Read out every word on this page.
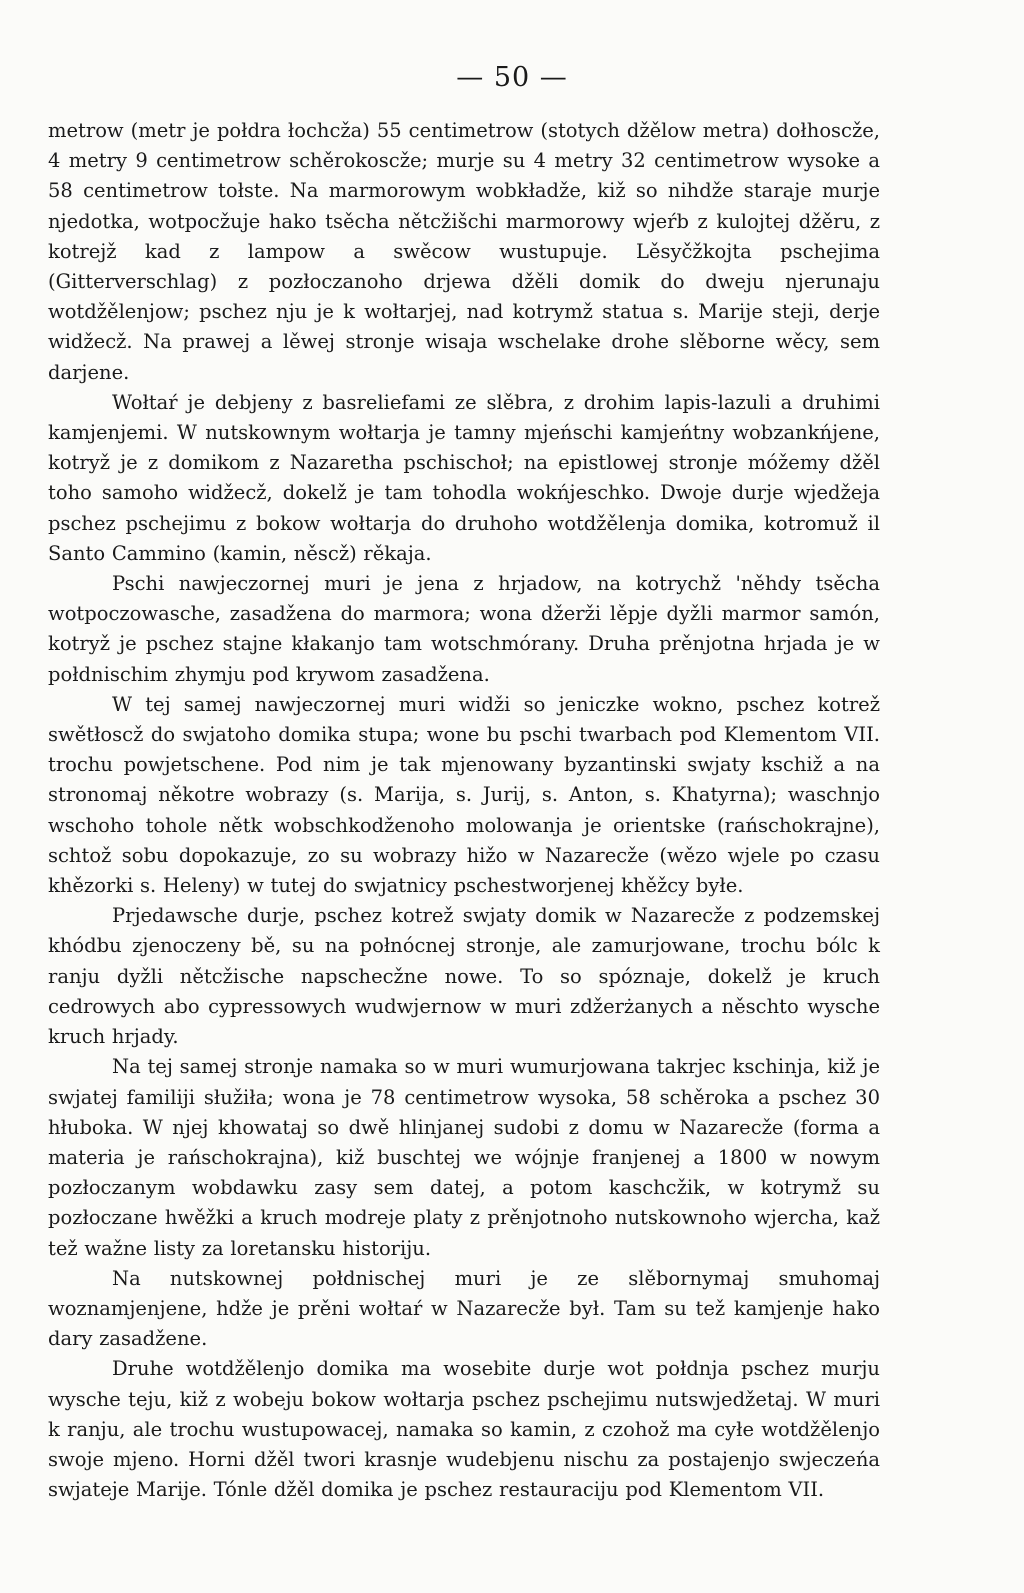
— 50 —

metrow (metr je połdra łochcža) 55 centimetrow (stotych džělow metra) dołhoscže, 4 metry 9 centimetrow schěrokoscže; murje su 4 metry 32 centimetrow wysoke a 58 centimetrow tołste. Na marmorowym wobkładže, kiž so nihdže staraje murje njedotka, wotpocžuje hako tsěcha nětcžišchi marmorowy wjeŕb z kulojtej džěru, z kotrejž kad z lampow a swěcow wustupuje. Lěsyčžkojta pschejima (Gitterverschlag) z pozłoczanoho drjewa džěli domik do dweju njerunaju wotdžělenjow; pschez nju je k wołtarjej, nad kotrymž statua s. Marije steji, derje widžecž. Na prawej a lěwej stronje wisaja wschelake drohe slěborne wěcy, sem darjene.

Wołtaŕ je debjeny z basreliefami ze slěbra, z drohim lapis-lazuli a druhimi kamjenjemi. W nutskownym wołtarja je tamny mjeńschi kamjeńtny wobzankńjene, kotryž je z domikom z Nazaretha pschischoł; na epistlowej stronje móžemy džěl toho samoho widžecž, dokelž je tam tohodla wokńjeschko. Dwoje durje wjedžeja pschez pschejimu z bokow wołtarja do druhoho wotdžělenja domika, kotromuž il Santo Cammino (kamin, něscž) rěkaja.

Pschi nawjeczornej muri je jena z hrjadow, na kotrychž 'něhdy tsěcha wotpoczowasche, zasadžena do marmora; wona džerži lěpje dyžli marmor samón, kotryž je pschez stajne kłakanjo tam wotschmórany. Druha prěnjotna hrjada je w połdnischim zhymju pod krywom zasadžena.

W tej samej nawjeczornej muri widži so jeniczke wokno, pschez kotrež swětłoscž do swjatoho domika stupa; wone bu pschi twarbach pod Klementom VII. trochu powjetschene. Pod nim je tak mjenowany byzantinski swjaty kschiž a na stronomaj někotre wobrazy (s. Marija, s. Jurij, s. Anton, s. Khatyrna); waschnjo wschoho tohole nětk wobschkodženoho molowanja je orientske (rańschokrajne), schtož sobu dopokazuje, zo su wobrazy hižo w Nazarecže (wězo wjele po czasu khězorki s. Heleny) w tutej do swjatnicy pschestworjenej khěžcy byłe.

Prjedawsche durje, pschez kotrež swjaty domik w Nazarecže z podzemskej khódbu zjenoczeny bě, su na połnócnej stronje, ale zamurjowane, trochu bólc k ranju dyžli nětcžische napschecžne nowe. To so spóznaje, dokelž je kruch cedrowych abo cypressowych wudwjernow w muri zdžerżanych a něschto wysche kruch hrjady.

Na tej samej stronje namaka so w muri wumurjowana takrjec kschinja, kiž je swjatej familiji słužiła; wona je 78 centimetrow wysoka, 58 schěroka a pschez 30 hłuboka. W njej khowataj so dwě hlinjanej sudobi z domu w Nazarecže (forma a materia je rańschokrajna), kiž buschtej we wójnje franjenej a 1800 w nowym pozłoczanym wobdawku zasy sem datej, a potom kaschcžik, w kotrymž su pozłoczane hwěžki a kruch modreje platy z prěnjotnoho nutskownoho wjercha, kaž tež wažne listy za loretansku historiju.

Na nutskownej połdnischej muri je ze slěbornymaj smuhomaj woznamjenjene, hdže je prěni wołtaŕ w Nazarecže był. Tam su tež kamjenje hako dary zasadžene.

Druhe wotdžělenjo domika ma wosebite durje wot połdnja pschez murju wysche teju, kiž z wobeju bokow wołtarja pschez pschejimu nutswjedžetaj. W muri k ranju, ale trochu wustupowacej, namaka so kamin, z czohož ma cyłe wotdžělenjo swoje mjeno. Horni džěl twori krasnje wudebjenu nischu za postajenjo swjeczeńa swjateje Marije. Tónle džěl domika je pschez restauraciju pod Klementom VII.
